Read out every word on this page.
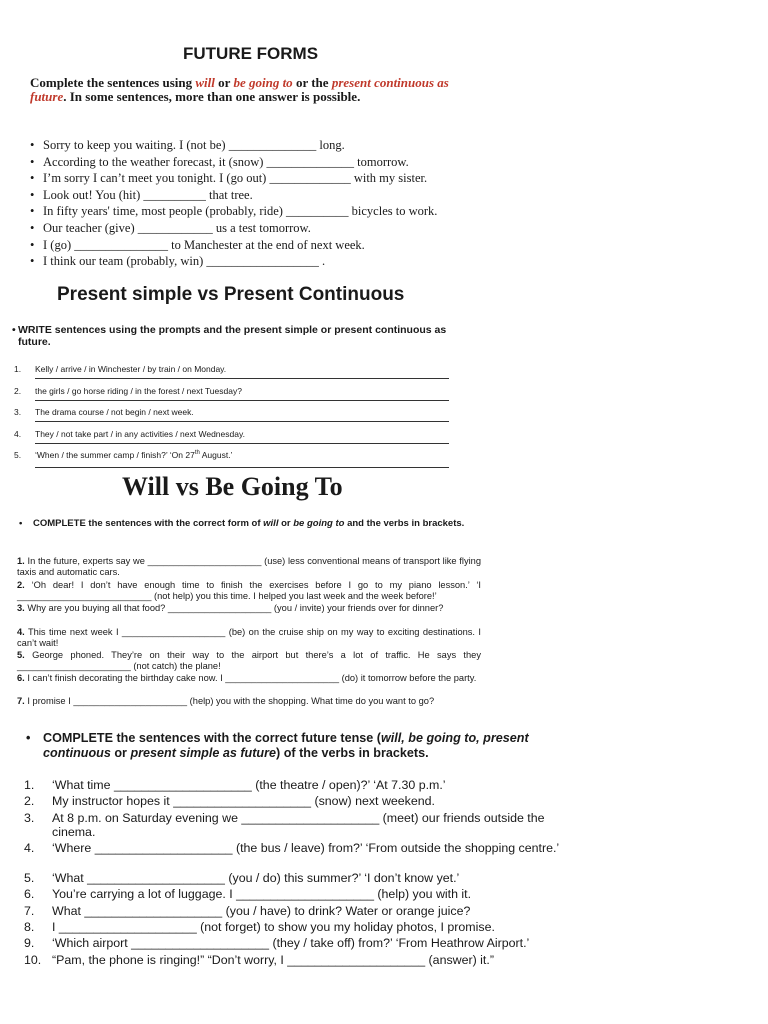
FUTURE FORMS
Complete the sentences using will or be going to or the present continuous as future. In some sentences, more than one answer is possible.
• Sorry to keep you waiting. I (not be) ______________ long.
• According to the weather forecast, it (snow) ______________ tomorrow.
• I’m sorry I can’t meet you tonight. I (go out) _____________ with my sister.
• Look out! You (hit) __________ that tree.
• In fifty years' time, most people (probably, ride) __________ bicycles to work.
• Our teacher (give) ____________ us a test tomorrow.
• I (go) _______________ to Manchester at the end of next week.
• I think our team (probably, win) __________________ .
Present simple vs Present Continuous
• WRITE sentences using the prompts and the present simple or present continuous as future.
1. Kelly / arrive / in Winchester / by train / on Monday.
2. the girls / go horse riding / in the forest / next Tuesday?
3. The drama course / not begin / next week.
4. They / not take part / in any activities / next Wednesday.
5. ‘When / the summer camp / finish?’ ‘On 27th August.’
Will vs Be Going To
• COMPLETE the sentences with the correct form of will or be going to and the verbs in brackets.
1. In the future, experts say we ______________________ (use) less conventional means of transport like flying taxis and automatic cars.
2. ‘Oh dear! I don’t have enough time to finish the exercises before I go to my piano lesson.’ ‘I __________________________ (not help) you this time. I helped you last week and the week before!’
3. Why are you buying all that food? ____________________ (you / invite) your friends over for dinner?
4. This time next week I ____________________ (be) on the cruise ship on my way to exciting destinations. I can’t wait!
5. George phoned. They’re on their way to the airport but there’s a lot of traffic. He says they ______________________ (not catch) the plane!
6. I can’t finish decorating the birthday cake now. I ______________________ (do) it tomorrow before the party.
7. I promise I ______________________ (help) you with the shopping. What time do you want to go?
• COMPLETE the sentences with the correct future tense (will, be going to, present continuous or present simple as future) of the verbs in brackets.
1. ‘What time ____________________ (the theatre / open)?’ ‘At 7.30 p.m.’
2. My instructor hopes it ____________________ (snow) next weekend.
3. At 8 p.m. on Saturday evening we ____________________ (meet) our friends outside the cinema.
4. ‘Where ____________________ (the bus / leave) from?’ ‘From outside the shopping centre.’
5. ‘What ____________________ (you / do) this summer?’ ‘I don’t know yet.’
6. You’re carrying a lot of luggage. I ____________________ (help) you with it.
7. What ____________________ (you / have) to drink? Water or orange juice?
8. I ____________________ (not forget) to show you my holiday photos, I promise.
9. ‘Which airport ____________________ (they / take off) from?’ ‘From Heathrow Airport.’
10. “Pam, the phone is ringing!” “Don’t worry, I ____________________ (answer) it.”
